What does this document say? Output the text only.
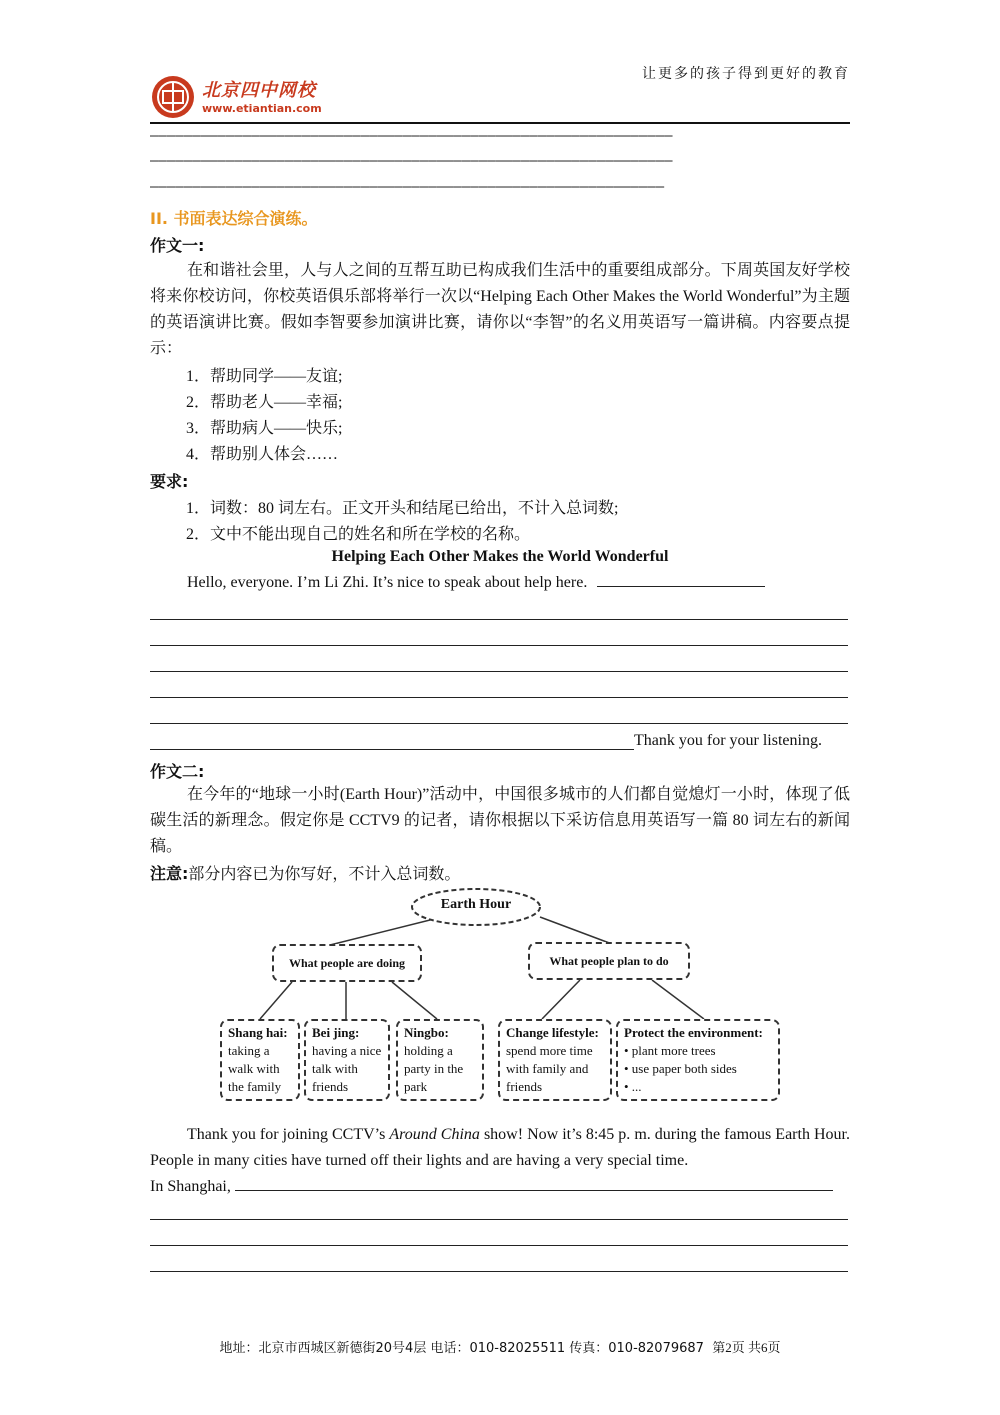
让更多的孩子得到更好的教育
北京四中网校
www.etiantian.com
——————————————————————————————————————————————————————————————
——————————————————————————————————————————————————————————————
—————————————————————————————————————————————————————————————
II. 书面表达综合演练。
作文一:
在和谐社会里，人与人之间的互帮互助已构成我们生活中的重要组成部分。下周英国友好学校将来你校访问，你校英语俱乐部将举行一次以“Helping Each Other Makes the World Wonderful”为主题的英语演讲比赛。假如李智要参加演讲比赛，请你以“李智”的名义用英语写一篇讲稿。内容要点提示：
1．帮助同学——友谊;
2．帮助老人——幸福;
3．帮助病人——快乐;
4．帮助别人体会……
要求:
1．词数：80 词左右。正文开头和结尾已给出，不计入总词数;
2．文中不能出现自己的姓名和所在学校的名称。
Helping Each Other Makes the World Wonderful
Hello, everyone. I’m Li Zhi. It’s nice to speak about help here.
Thank you for your listening.
作文二:
在今年的“地球一小时(Earth Hour)”活动中，中国很多城市的人们都自觉熄灯一小时，体现了低碳生活的新理念。假定你是 CCTV9 的记者，请你根据以下采访信息用英语写一篇 80 词左右的新闻稿。
注意:部分内容已为你写好，不计入总词数。
Earth Hour
What people are doing	What people plan to do
Shang hai:
taking a walk with the family
Bei jing:
having a nice talk with friends
Ningbo:
holding a party in the park
Change lifestyle:
spend more time with family and friends
Protect the environment:
• plant more trees
• use paper both sides
• ...
Thank you for joining CCTV’s Around China show! Now it’s 8:45 p. m. during the famous Earth Hour. People in many cities have turned off their lights and are having a very special time.
In Shanghai,
地址：北京市西城区新德街20号4层 电话：010-82025511 传真：010-82079687 第2页 共6页
